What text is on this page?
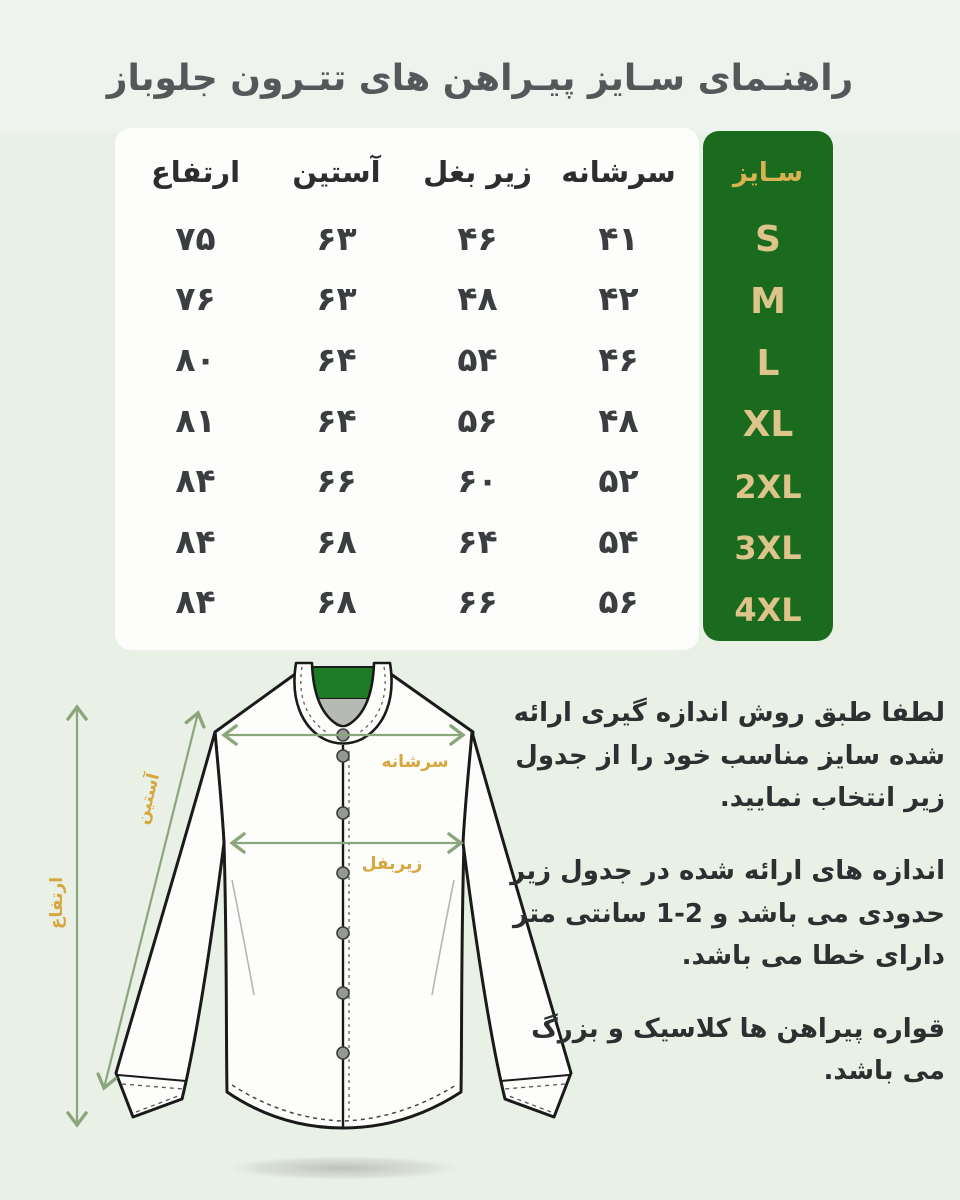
راهنـمای سـایز پیـراهن های تتـرون جلوباز
سرشانه
زیر بغل
آستین
ارتفاع
۴۱
۴۶
۶۳
۷۵
۴۲
۴۸
۶۳
۷۶
۴۶
۵۴
۶۴
۸۰
۴۸
۵۶
۶۴
۸۱
۵۲
۶۰
۶۶
۸۴
۵۴
۶۴
۶۸
۸۴
۵۶
۶۶
۶۸
۸۴
سـایز
S
M
L
XL
2XL
3XL
4XL
سرشانه
زیربفل
آستین
ارتفاع

لطفا طبق روش اندازه گیری ارائه شده سایز مناسب خود را از جدول زیر انتخاب نمایید.

اندازه های ارائه شده در جدول زیر حدودی می باشد و 2-1 سانتی متر دارای خطا می باشد.

قواره پیراهن ها کلاسیک و بزرگ می باشد.
